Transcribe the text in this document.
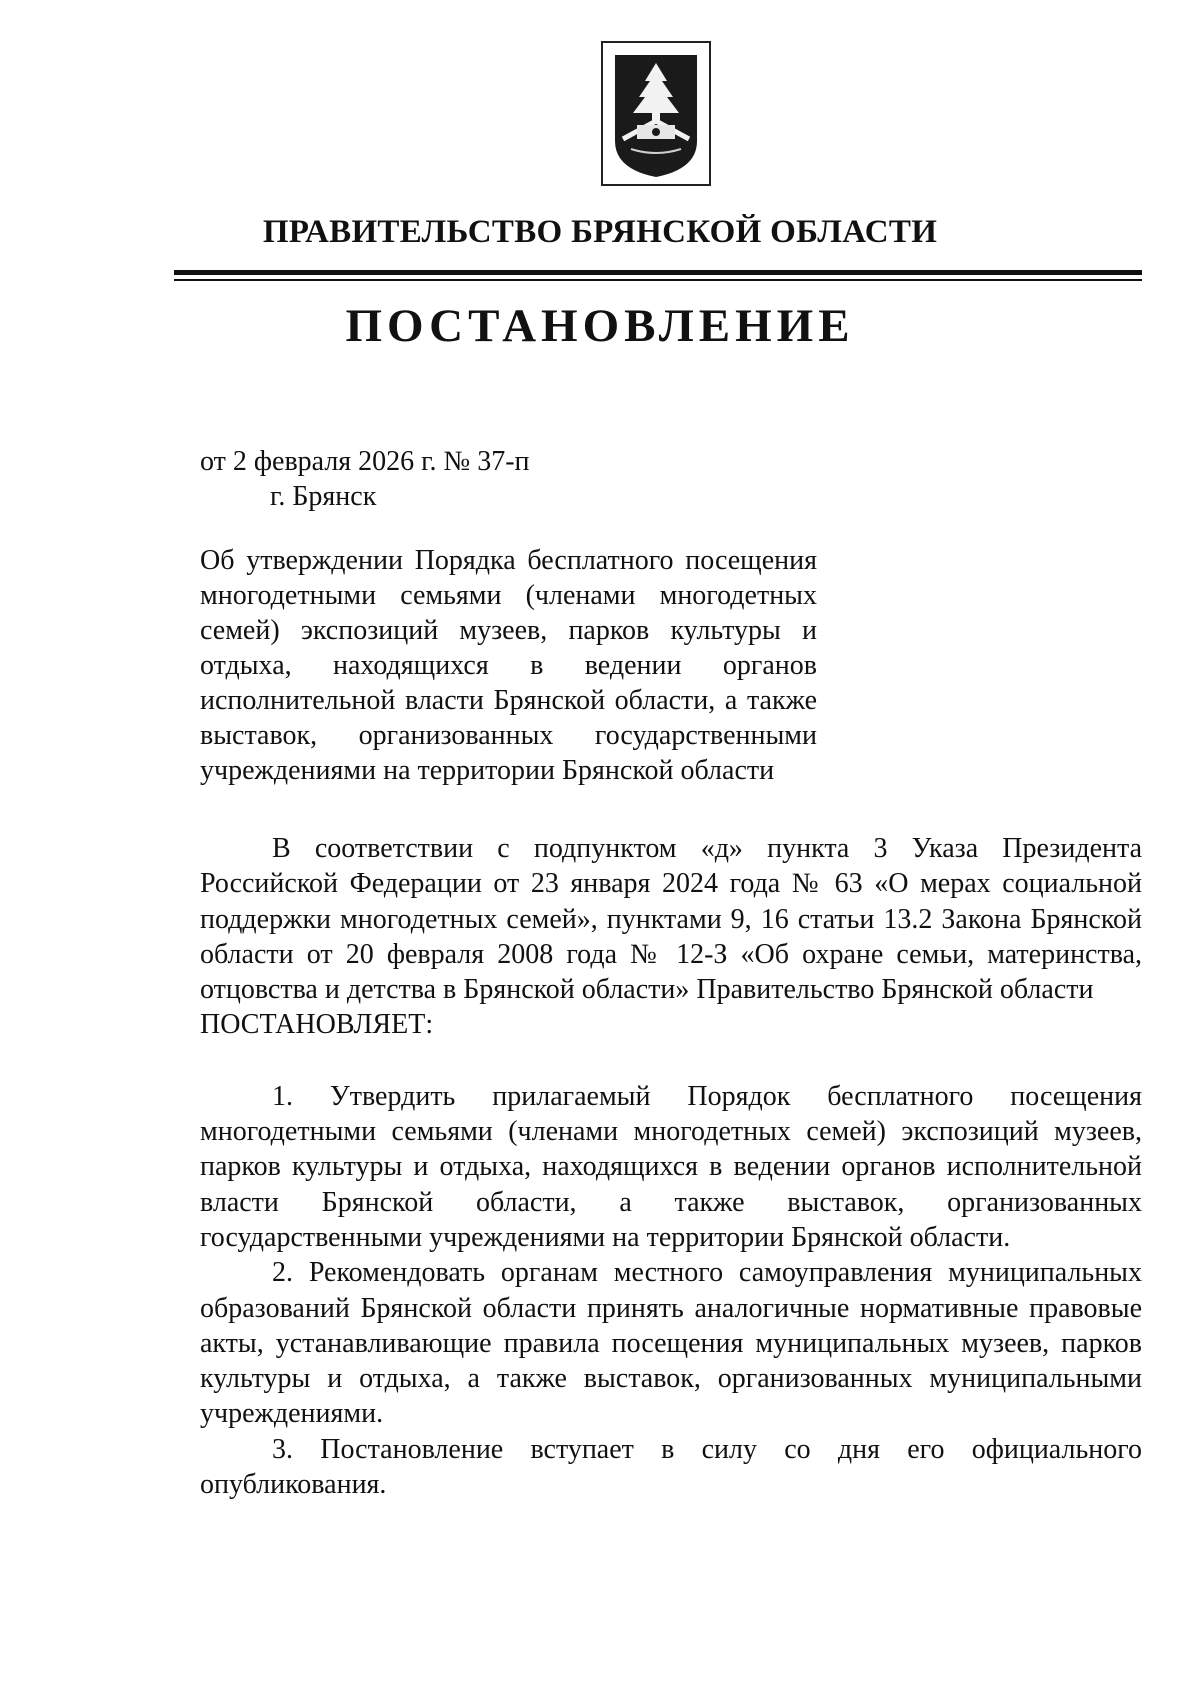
ПРАВИТЕЛЬСТВО БРЯНСКОЙ ОБЛАСТИ
ПОСТАНОВЛЕНИЕ
от 2 февраля 2026 г. № 37-п
г. Брянск
Об утверждении Порядка бесплатного посещения многодетными семьями (членами многодетных семей) экспозиций музеев, парков культуры и отдыха, находящихся в ведении органов исполнительной власти Брянской области, а также выставок, организованных государственными учреждениями на территории Брянской области

В соответствии с подпунктом «д» пункта 3 Указа Президента Российской Федерации от 23 января 2024 года № 63 «О мерах социальной поддержки многодетных семей», пунктами 9, 16 статьи 13.2 Закона Брянской области от 20 февраля 2008 года № 12-З «Об охране семьи, материнства, отцовства и детства в Брянской области» Правительство Брянской области

ПОСТАНОВЛЯЕТ:

1. Утвердить прилагаемый Порядок бесплатного посещения многодетными семьями (членами многодетных семей) экспозиций музеев, парков культуры и отдыха, находящихся в ведении органов исполнительной власти Брянской области, а также выставок, организованных государственными учреждениями на территории Брянской области.

2. Рекомендовать органам местного самоуправления муниципальных образований Брянской области принять аналогичные нормативные правовые акты, устанавливающие правила посещения муниципальных музеев, парков культуры и отдыха, а также выставок, организованных муниципальными учреждениями.

3. Постановление вступает в силу со дня его официального опубликования.
